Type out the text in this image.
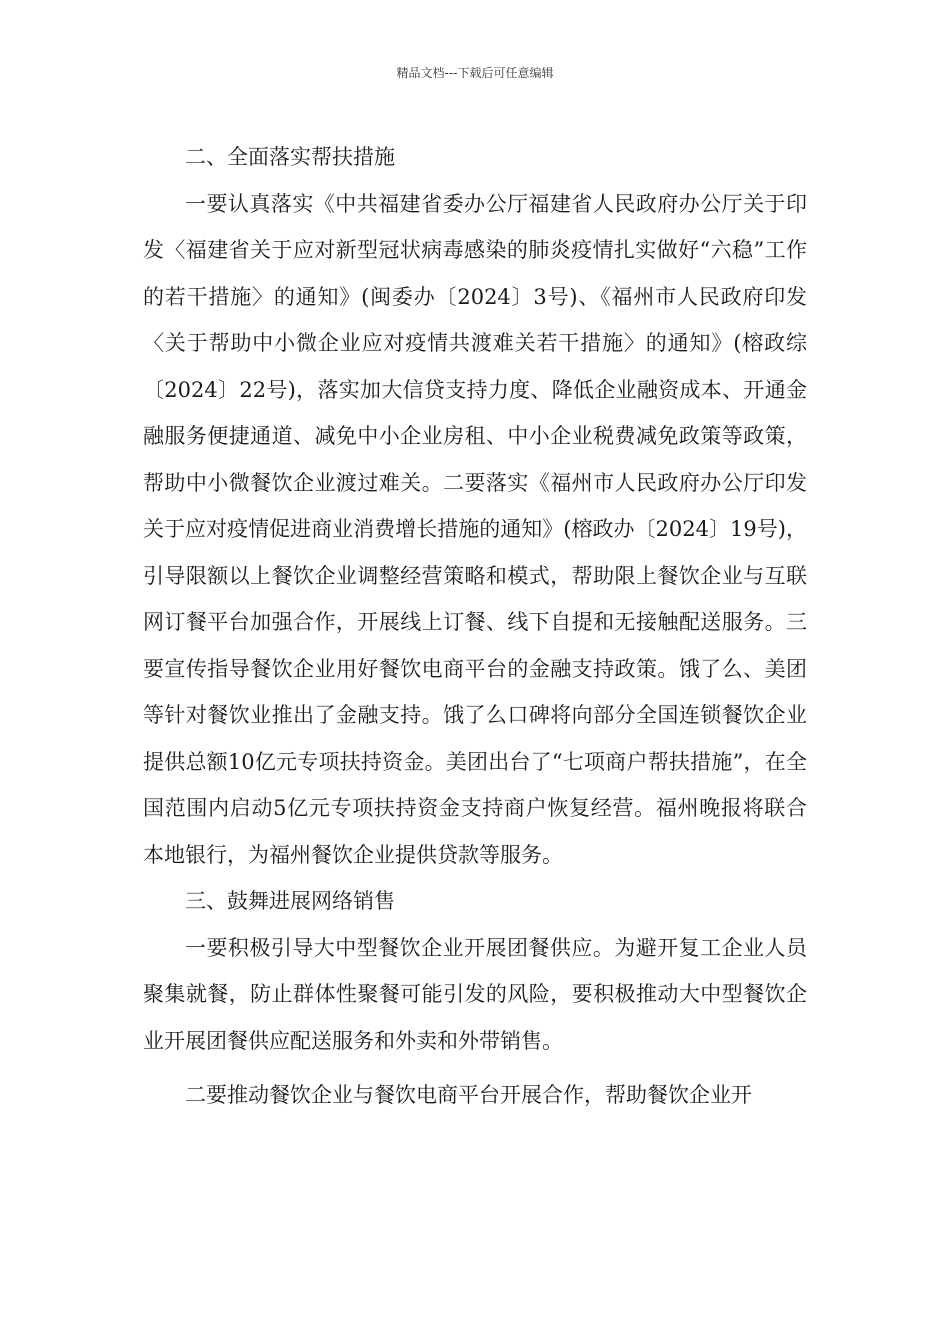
精品文档---下载后可任意编辑

二、全面落实帮扶措施

一要认真落实《中共福建省委办公厅福建省人民政府办公厅关于印发〈福建省关于应对新型冠状病毒感染的肺炎疫情扎实做好“六稳”工作的若干措施〉的通知》(闽委办〔2024〕3号)、《福州市人民政府印发〈关于帮助中小微企业应对疫情共渡难关若干措施〉的通知》(榕政综〔2024〕22号)，落实加大信贷支持力度、降低企业融资成本、开通金融服务便捷通道、减免中小企业房租、中小企业税费减免政策等政策，帮助中小微餐饮企业渡过难关。二要落实《福州市人民政府办公厅印发关于应对疫情促进商业消费增长措施的通知》(榕政办〔2024〕19号)，引导限额以上餐饮企业调整经营策略和模式，帮助限上餐饮企业与互联网订餐平台加强合作，开展线上订餐、线下自提和无接触配送服务。三要宣传指导餐饮企业用好餐饮电商平台的金融支持政策。饿了么、美团等针对餐饮业推出了金融支持。饿了么口碑将向部分全国连锁餐饮企业提供总额10亿元专项扶持资金。美团出台了“七项商户帮扶措施”，在全国范围内启动5亿元专项扶持资金支持商户恢复经营。福州晚报将联合本地银行，为福州餐饮企业提供贷款等服务。

三、鼓舞进展网络销售

一要积极引导大中型餐饮企业开展团餐供应。为避开复工企业人员聚集就餐，防止群体性聚餐可能引发的风险，要积极推动大中型餐饮企业开展团餐供应配送服务和外卖和外带销售。

二要推动餐饮企业与餐饮电商平台开展合作，帮助餐饮企业开
